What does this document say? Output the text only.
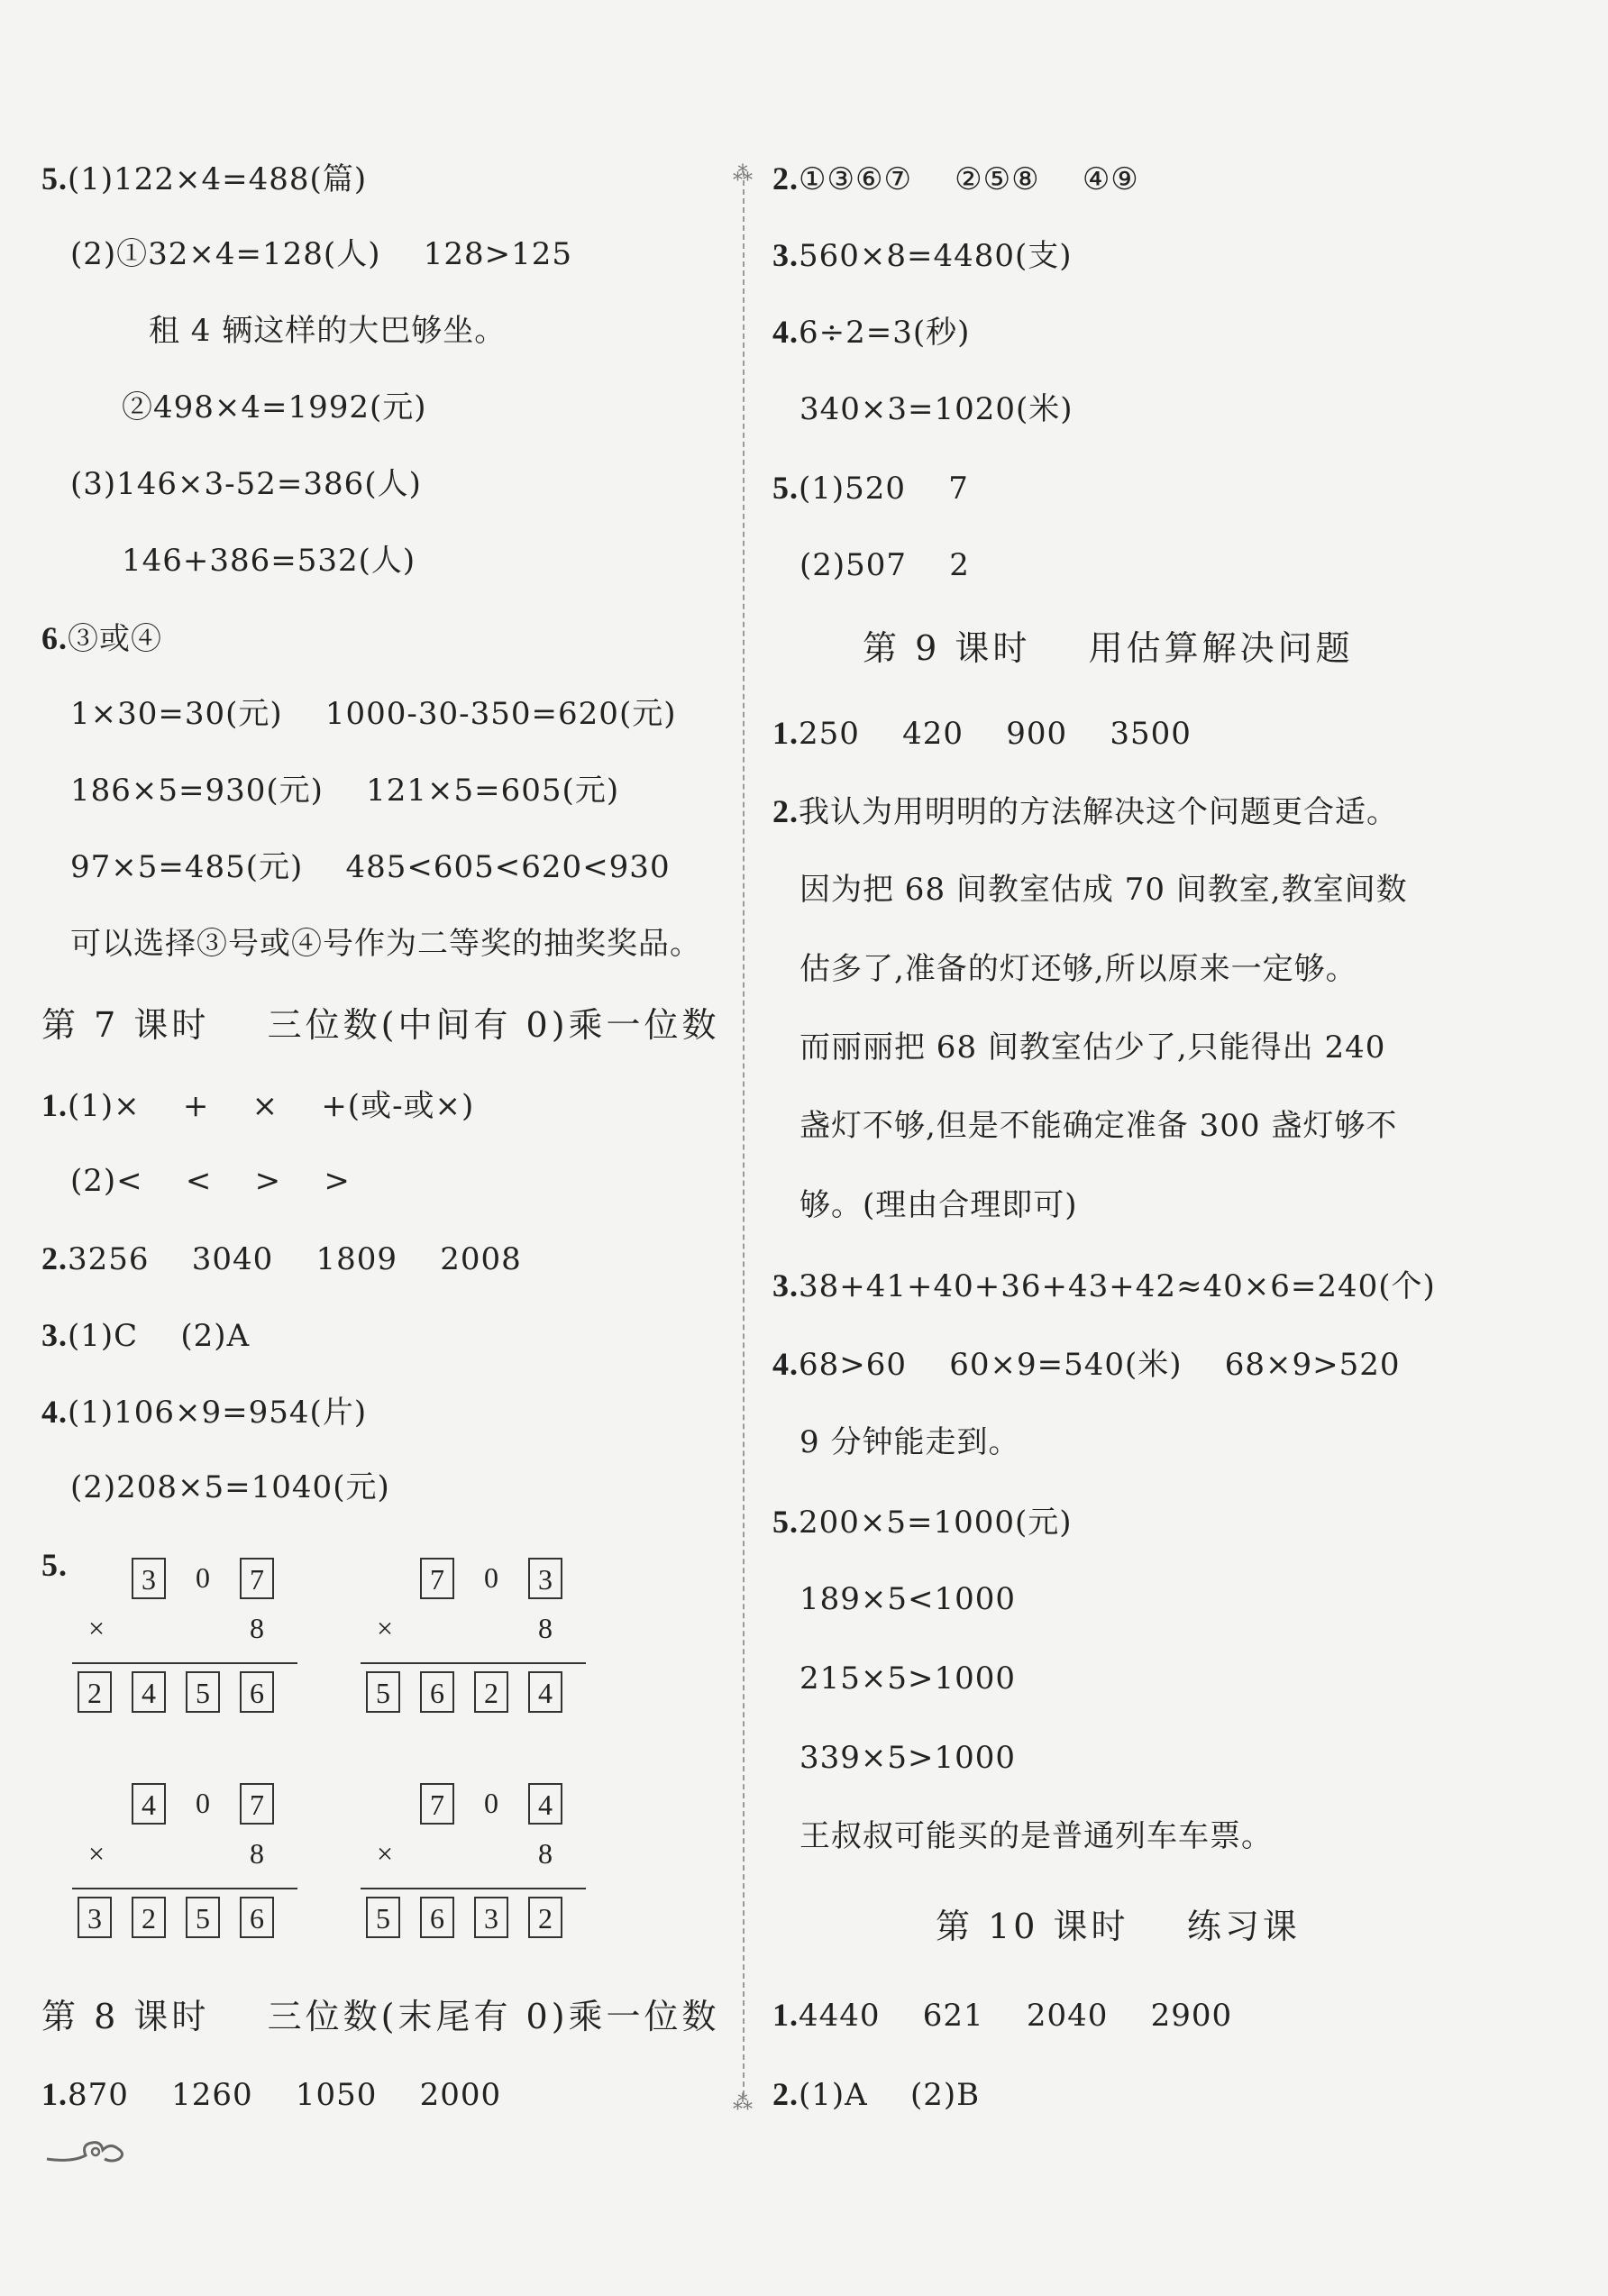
⁂
⁂
5.(1)122×4=488(篇)
(2)①32×4=128(人)    128>125
租 4 辆这样的大巴够坐。
②498×4=1992(元)
(3)146×3-52=386(人)
146+386=532(人)
6.③或④
1×30=30(元)    1000-30-350=620(元)
186×5=930(元)    121×5=605(元)
97×5=485(元)    485<605<620<930
可以选择③号或④号作为二等奖的抽奖奖品。
第 7 课时    三位数(中间有 0)乘一位数
1.(1)×    +    ×    +(或-或×)
(2)<    <    >    >
2.3256    3040    1809    2008
3.(1)C    (2)A
4.(1)106×9=954(片)
(2)208×5=1040(元)
5.	3	0	7
×	8
2	4	5	6
7	0	3
×	8
5	6	2	4
4	0	7
×	8
3	2	5	6
7	0	4
×	8
5	6	3	2
第 8 课时    三位数(末尾有 0)乘一位数
1.870    1260    1050    2000
2.①③⑥⑦    ②⑤⑧    ④⑨
3.560×8=4480(支)
4.6÷2=3(秒)
340×3=1020(米)
5.(1)520    7
(2)507    2
第 9 课时    用估算解决问题
1.250    420    900    3500
2.我认为用明明的方法解决这个问题更合适。
因为把 68 间教室估成 70 间教室,教室间数
估多了,准备的灯还够,所以原来一定够。
而丽丽把 68 间教室估少了,只能得出 240
盏灯不够,但是不能确定准备 300 盏灯够不
够。(理由合理即可)
3.38+41+40+36+43+42≈40×6=240(个)
4.68>60    60×9=540(米)    68×9>520
9 分钟能走到。
5.200×5=1000(元)
189×5<1000
215×5>1000
339×5>1000
王叔叔可能买的是普通列车车票。
第 10 课时    练习课
1.4440    621    2040    2900
2.(1)A    (2)B
